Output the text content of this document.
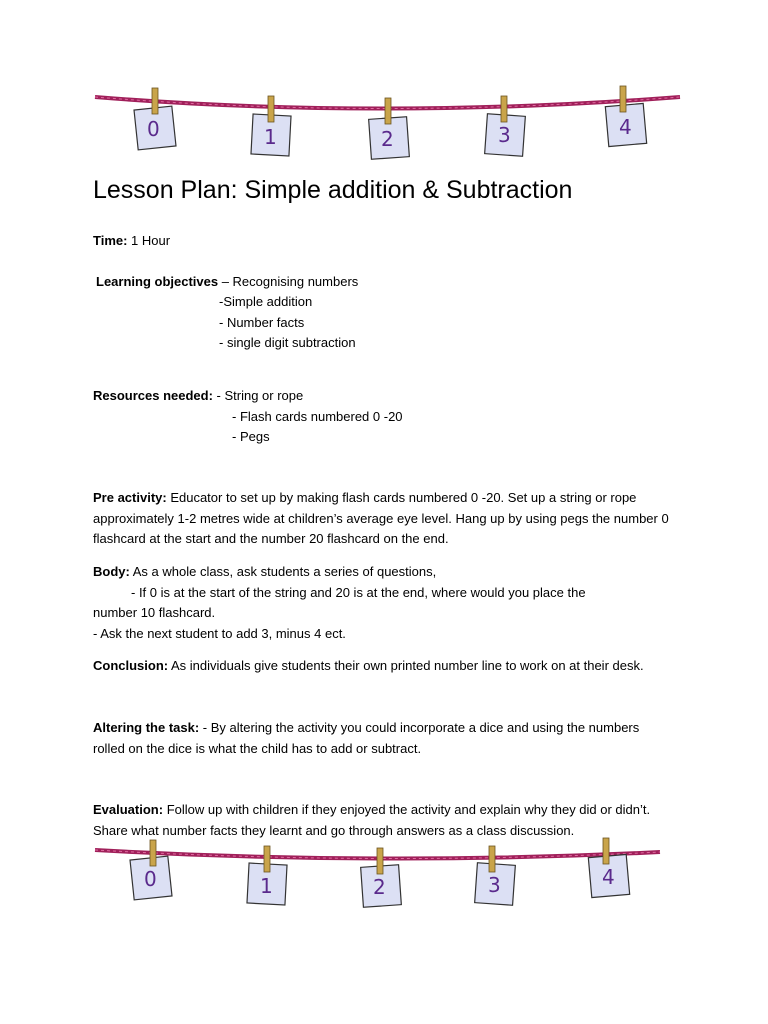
0	1	2	3	4
Lesson Plan: Simple addition & Subtraction
Time: 1 Hour
Learning objectives – Recognising numbers
-Simple addition
- Number facts
- single digit subtraction
Resources needed: - String or rope
- Flash cards numbered 0 -20
- Pegs
Pre activity: Educator to set up by making flash cards numbered 0 -20. Set up a string or rope approximately 1-2 metres wide at children’s average eye level. Hang up by using pegs the number 0 flashcard at the start and the number 20 flashcard on the end.
Body: As a whole class, ask students a series of questions,
- If 0 is at the start of the string and 20 is at the end, where would you place the
number 10 flashcard.
- Ask the next student to add 3, minus 4 ect.
Conclusion: As individuals give students their own printed number line to work on at their desk.
Altering the task: - By altering the activity you could incorporate a dice and using the numbers rolled on the dice is what the child has to add or subtract.
Evaluation: Follow up with children if they enjoyed the activity and explain why they did or didn’t. Share what number facts they learnt and go through answers as a class discussion.
0	1	2	3	4
